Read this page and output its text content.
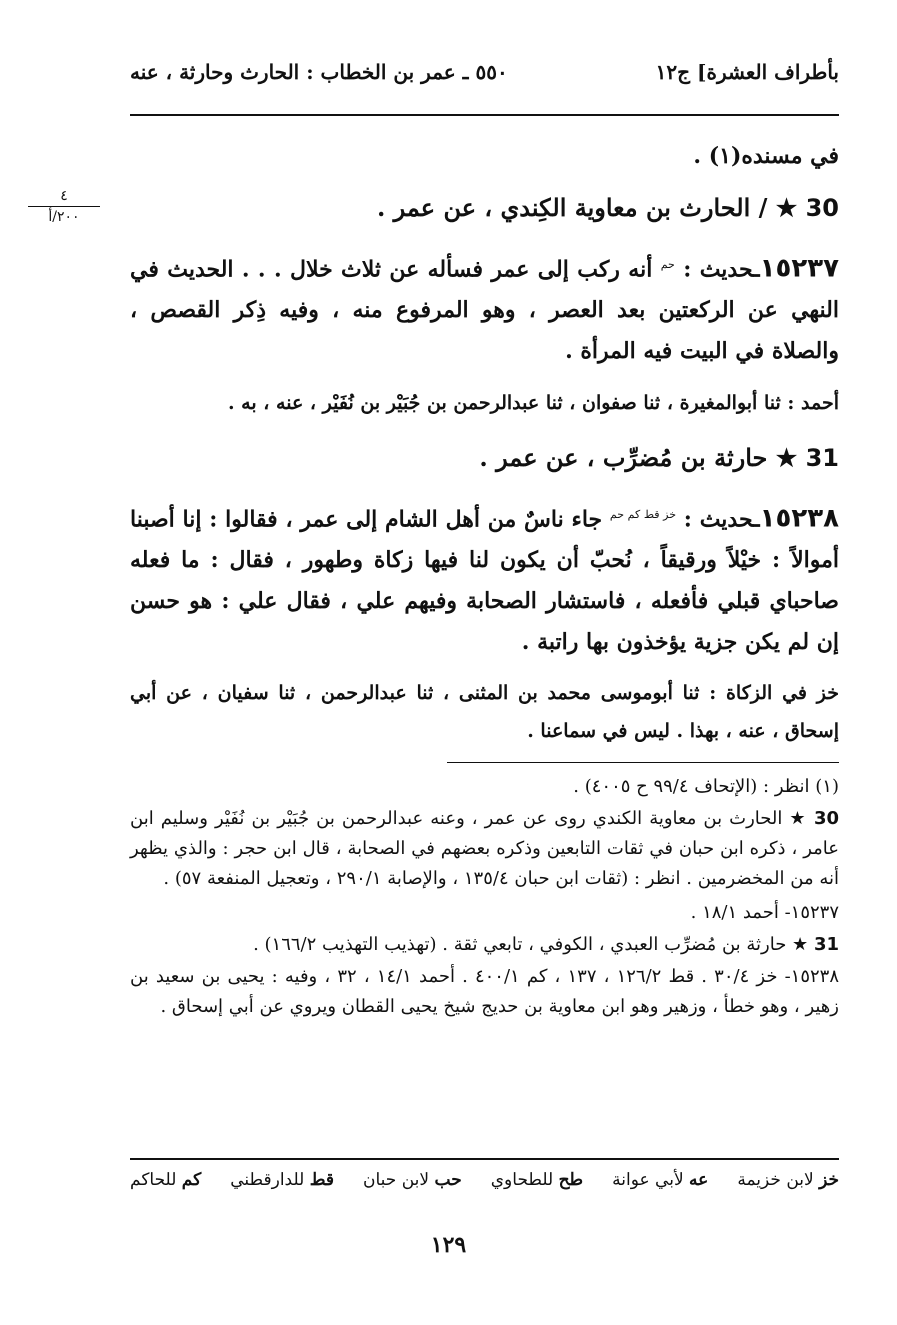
بأطراف العشرة] ج١٢
٥٥٠ ـ عمر بن الخطاب : الحارث وحارثة ، عنه
٤
٢٠٠/أ
في مسنده(١) .
30 ★ / الحارث بن معاوية الكِندي ، عن عمر .
١٥٢٣٧ـحديث : $^{حم}$ أنه ركب إلى عمر فسأله عن ثلاث خلال . . . الحديث في النهي عن الركعتين بعد العصر ، وهو المرفوع منه ، وفيه ذِكر القصص ، والصلاة في البيت فيه المرأة .
أحمد : ثنا أبوالمغيرة ، ثنا صفوان ، ثنا عبدالرحمن بن جُبَيْر بن نُفَيْر ، عنه ، به .
31 ★ حارثة بن مُضرِّب ، عن عمر .
١٥٢٣٨ـحديث : $^{خز قط كم حم}$ جاء ناسٌ من أهل الشام إلى عمر ، فقالوا : إنا أصبنا أموالاً : خيْلاً ورقيقاً ، نُحبّ أن يكون لنا فيها زكاة وطهور ، فقال : ما فعله صاحباي قبلي فأفعله ، فاستشار الصحابة وفيهم علي ، فقال علي : هو حسن إن لم يكن جزية يؤخذون بها راتبة .
خز في الزكاة : ثنا أبوموسى محمد بن المثنى ، ثنا عبدالرحمن ، ثنا سفيان ، عن أبي إسحاق ، عنه ، بهذا . ليس في سماعنا .
(١) انظر : (الإتحاف ٩٩/٤ ح ٤٠٠٥) .
30 ★ الحارث بن معاوية الكندي روى عن عمر ، وعنه عبدالرحمن بن جُبَيْر بن نُفَيْر وسليم ابن عامر ، ذكره ابن حبان في ثقات التابعين وذكره بعضهم في الصحابة ، قال ابن حجر : والذي يظهر أنه من المخضرمين . انظر : (ثقات ابن حبان ١٣٥/٤ ، والإصابة ٢٩٠/١ ، وتعجيل المنفعة ٥٧) .
١٥٢٣٧- أحمد ١٨/١ .
31 ★ حارثة بن مُضرِّب العبدي ، الكوفي ، تابعي ثقة . (تهذيب التهذيب ١٦٦/٢) .
١٥٢٣٨- خز ٣٠/٤ . قط ١٢٦/٢ ، ١٣٧ ، كم ٤٠٠/١ . أحمد ١٤/١ ، ٣٢ ، وفيه : يحيى بن سعيد بن زهير ، وهو خطأ ، وزهير وهو ابن معاوية بن حديج شيخ يحيى القطان ويروي عن أبي إسحاق .
خز لابن خزيمة
عه لأبي عوانة
طح للطحاوي
حب لابن حبان
قط للدارقطني
كم للحاكم
١٢٩
